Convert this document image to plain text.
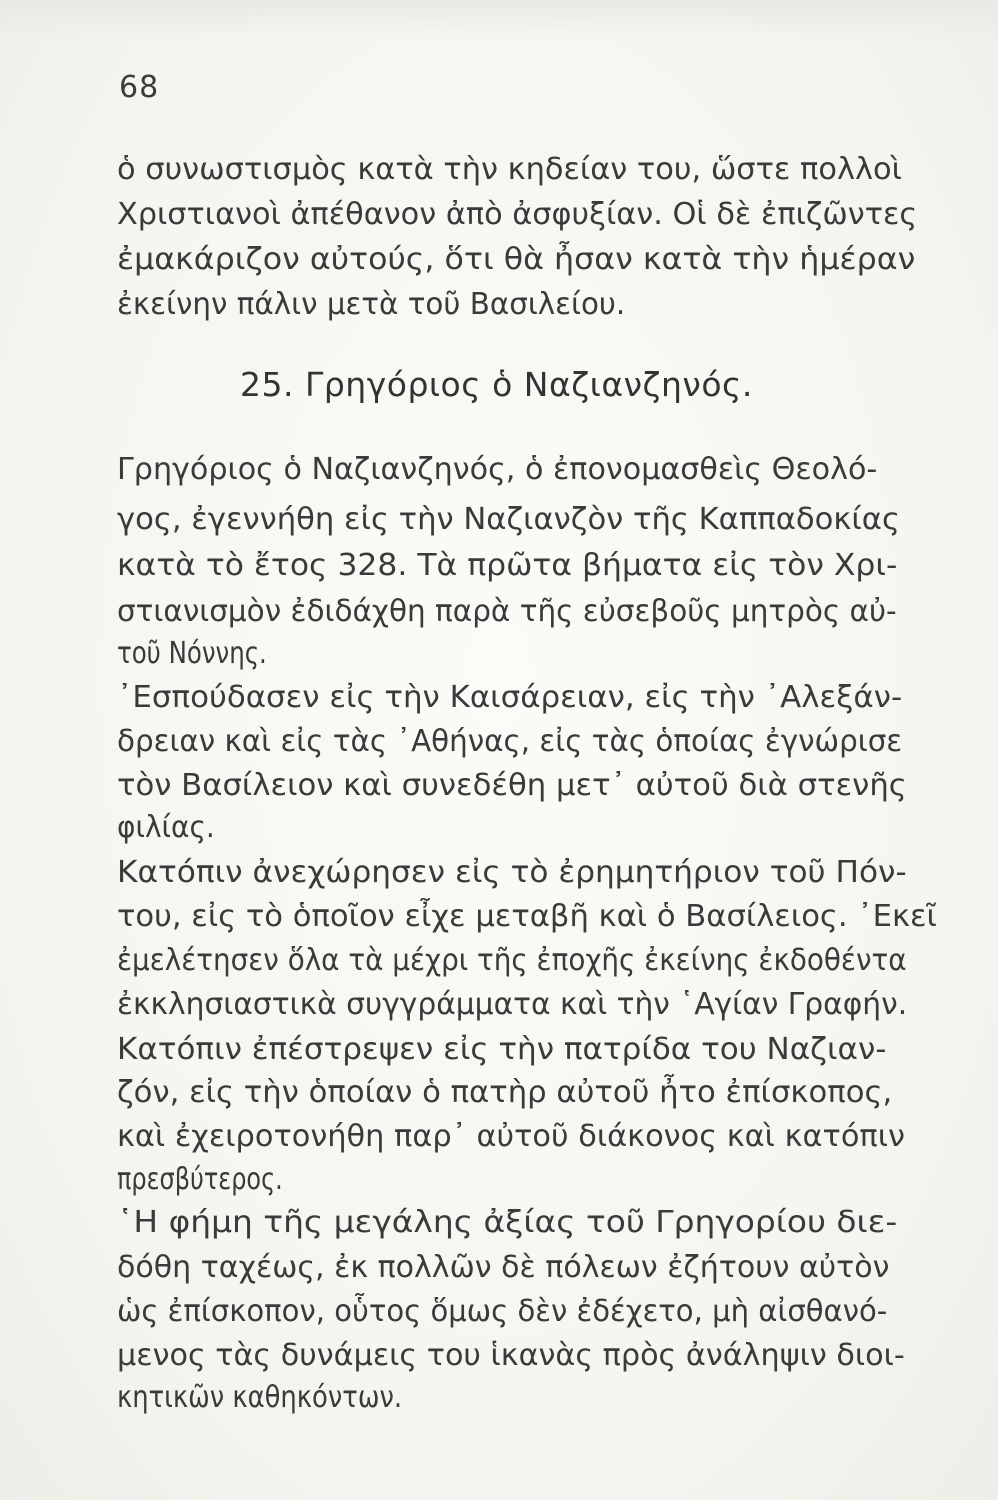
68
ὁ συνωστισμὸς κατὰ τὴν κηδείαν του, ὥστε πολλοὶ
Χριστιανοὶ ἀπέθανον ἀπὸ ἀσφυξίαν. Οἱ δὲ ἐπιζῶντες
ἐμακάριζον αὐτούς, ὅτι θὰ ἦσαν κατὰ τὴν ἡμέραν
ἐκείνην πάλιν μετὰ τοῦ Βασιλείου.
25. Γρηγόριος ὁ Ναζιανζηνός.
Γρηγόριος ὁ Ναζιανζηνός, ὁ ἐπονομασθεὶς Θεολό-
γος, ἐγεννήθη εἰς τὴν Ναζιανζὸν τῆς Καππαδοκίας
κατὰ τὸ ἔτος 328. Τὰ πρῶτα βήματα εἰς τὸν Χρι-
στιανισμὸν ἐδιδάχθη παρὰ τῆς εὐσεβοῦς μητρὸς αὐ-
τοῦ Νόννης.
᾽Εσπούδασεν εἰς τὴν Καισάρειαν, εἰς τὴν ᾽Αλεξάν-
δρειαν καὶ εἰς τὰς ᾽Αθήνας, εἰς τὰς ὁποίας ἐγνώρισε
τὸν Βασίλειον καὶ συνεδέθη μετ᾽ αὐτοῦ διὰ στενῆς
φιλίας.
Κατόπιν ἀνεχώρησεν εἰς τὸ ἐρημητήριον τοῦ Πόν-
του, εἰς τὸ ὁποῖον εἶχε μεταβῆ καὶ ὁ Βασίλειος. ᾽Εκεῖ
ἐμελέτησεν ὅλα τὰ μέχρι τῆς ἐποχῆς ἐκείνης ἐκδοθέντα
ἐκκλησιαστικὰ συγγράμματα καὶ τὴν ῾Αγίαν Γραφήν.
Κατόπιν ἐπέστρεψεν εἰς τὴν πατρίδα του Ναζιαν-
ζόν, εἰς τὴν ὁποίαν ὁ πατὴρ αὐτοῦ ἦτο ἐπίσκοπος,
καὶ ἐχειροτονήθη παρ᾽ αὐτοῦ διάκονος καὶ κατόπιν
πρεσβύτερος.
῾Η φήμη τῆς μεγάλης ἀξίας τοῦ Γρηγορίου διε-
δόθη ταχέως, ἐκ πολλῶν δὲ πόλεων ἐζήτουν αὐτὸν
ὡς ἐπίσκοπον, οὗτος ὅμως δὲν ἐδέχετο, μὴ αἰσθανό-
μενος τὰς δυνάμεις του ἱκανὰς πρὸς ἀνάληψιν διοι-
κητικῶν καθηκόντων.
